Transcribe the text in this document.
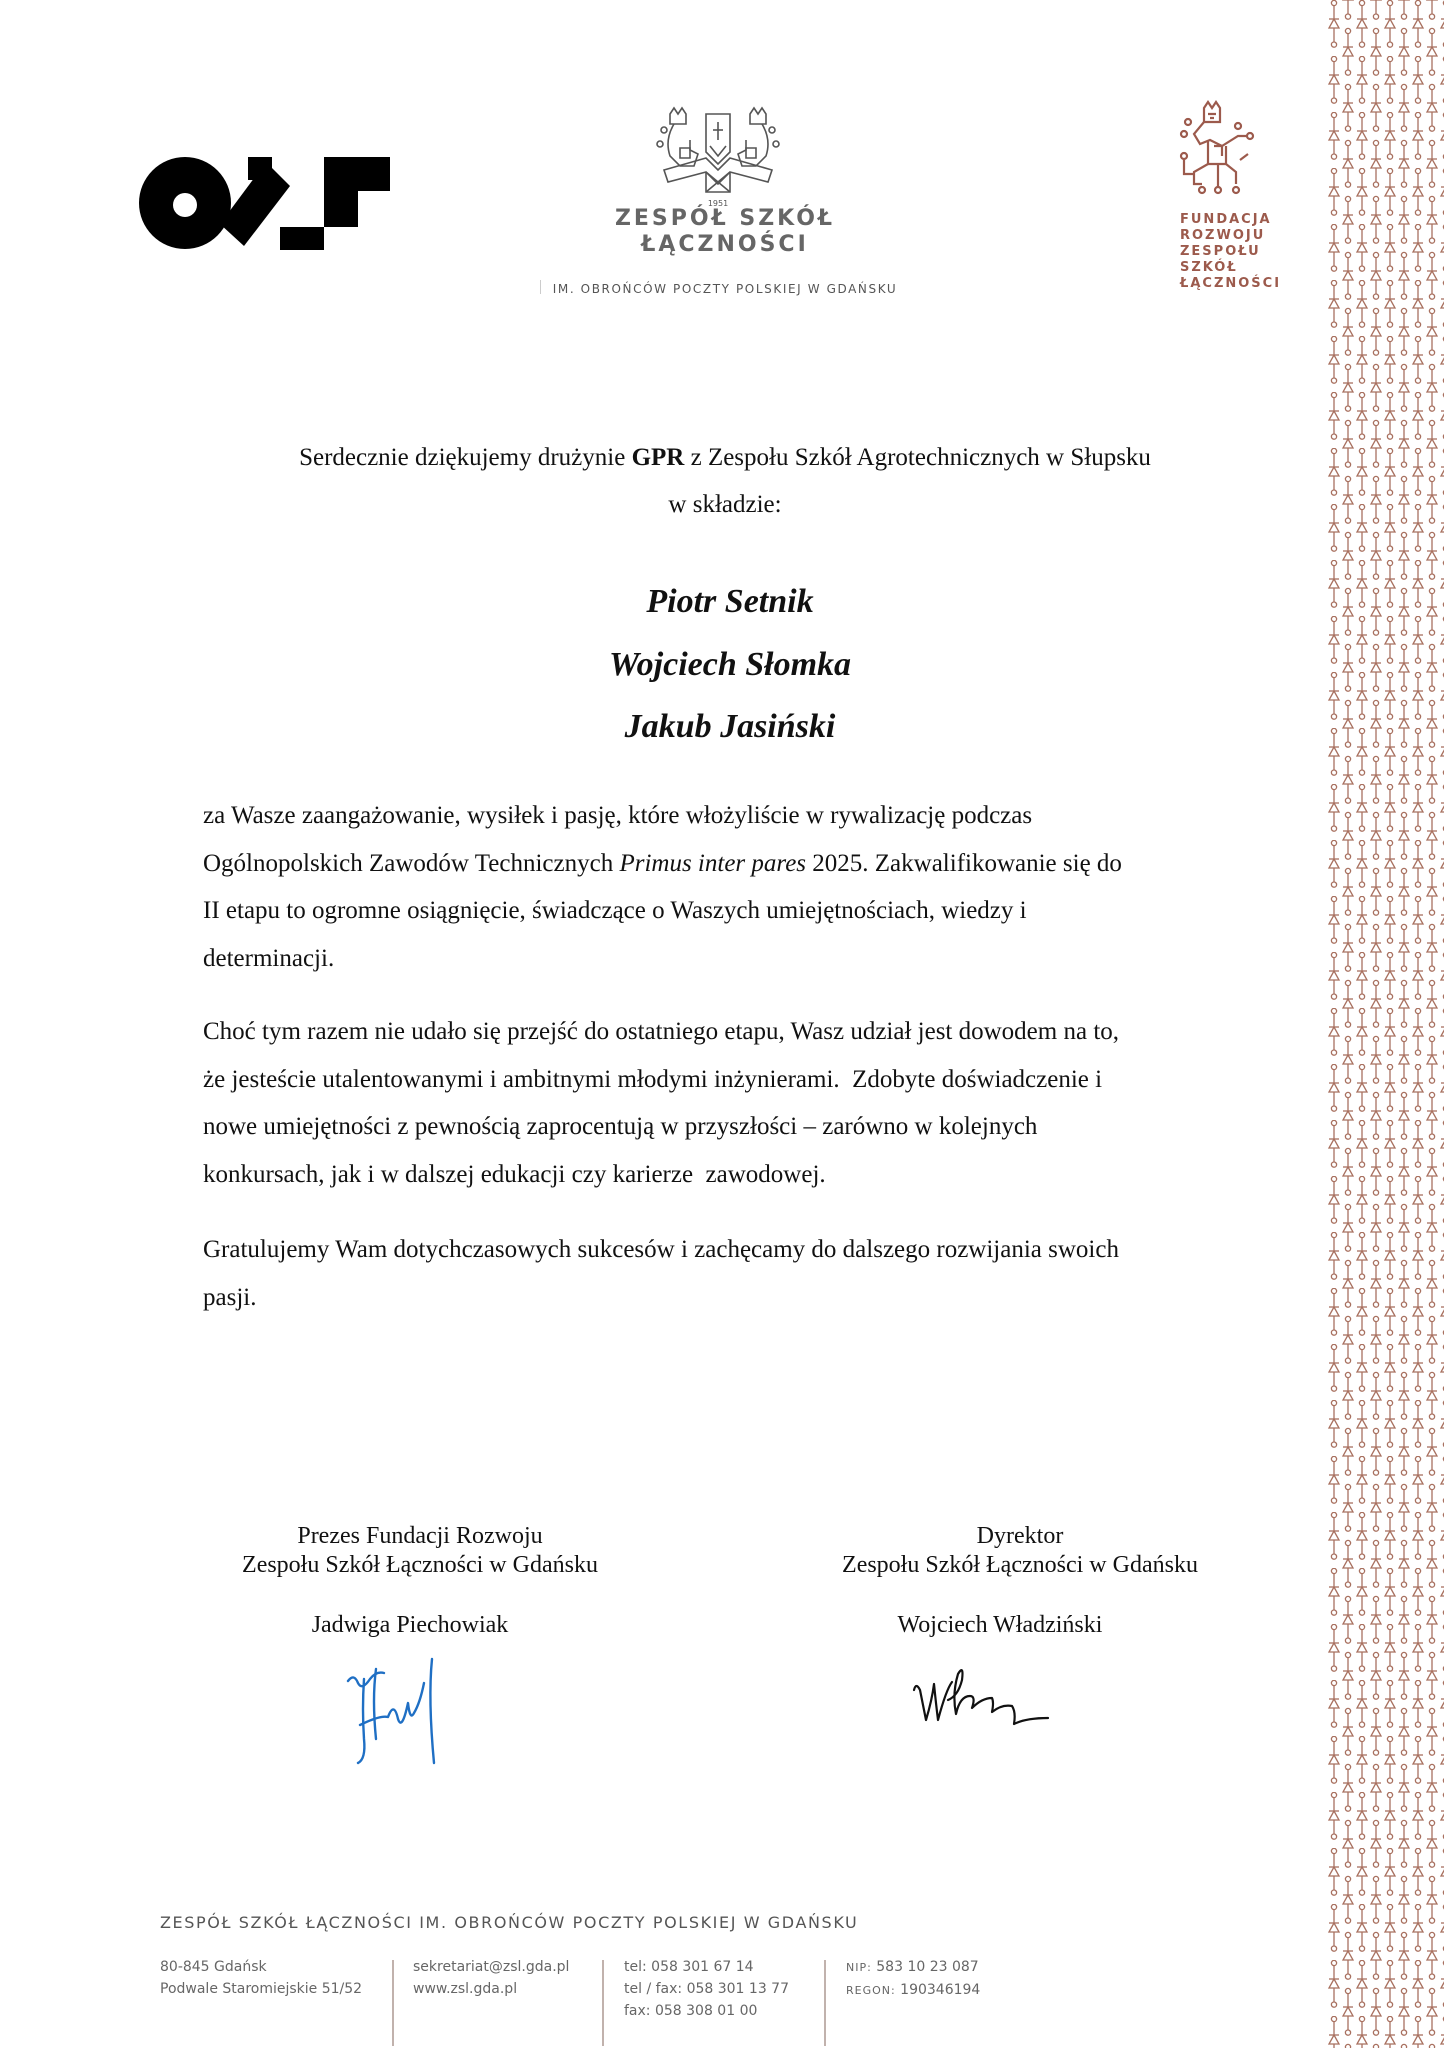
1951
ZESPÓŁ SZKÓŁ
ŁĄCZNOŚCI
IM. OBROŃCÓW POCZTY POLSKIEJ W GDAŃSKU
FUNDACJA
ROZWOJU
ZESPOŁU
SZKÓŁ
ŁĄCZNOŚCI
Serdecznie dziękujemy drużynie GPR z Zespołu Szkół Agrotechnicznych w Słupsku
w składzie:
Piotr Setnik
Wojciech Słomka
Jakub Jasiński
za Wasze zaangażowanie, wysiłek i pasję, które włożyliście w rywalizację podczas
Ogólnopolskich Zawodów Technicznych Primus inter pares 2025. Zakwalifikowanie się do
II etapu to ogromne osiągnięcie, świadczące o Waszych umiejętnościach, wiedzy i
determinacji.
Choć tym razem nie udało się przejść do ostatniego etapu, Wasz udział jest dowodem na to,
że jesteście utalentowanymi i ambitnymi młodymi inżynierami.  Zdobyte doświadczenie i
nowe umiejętności z pewnością zaprocentują w przyszłości – zarówno w kolejnych
konkursach, jak i w dalszej edukacji czy karierze  zawodowej.
Gratulujemy Wam dotychczasowych sukcesów i zachęcamy do dalszego rozwijania swoich
pasji.
Prezes Fundacji Rozwoju
Zespołu Szkół Łączności w Gdańsku
Dyrektor
Zespołu Szkół Łączności w Gdańsku
Jadwiga Piechowiak	Wojciech Władziński
ZESPÓŁ SZKÓŁ ŁĄCZNOŚCI IM. OBROŃCÓW POCZTY POLSKIEJ W GDAŃSKU
80-845 Gdańsk
Podwale Staromiejskie 51/52
sekretariat@zsl.gda.pl
www.zsl.gda.pl
tel: 058 301 67 14
tel / fax: 058 301 13 77
fax: 058 308 01 00
NIP: 583 10 23 087
REGON: 190346194
